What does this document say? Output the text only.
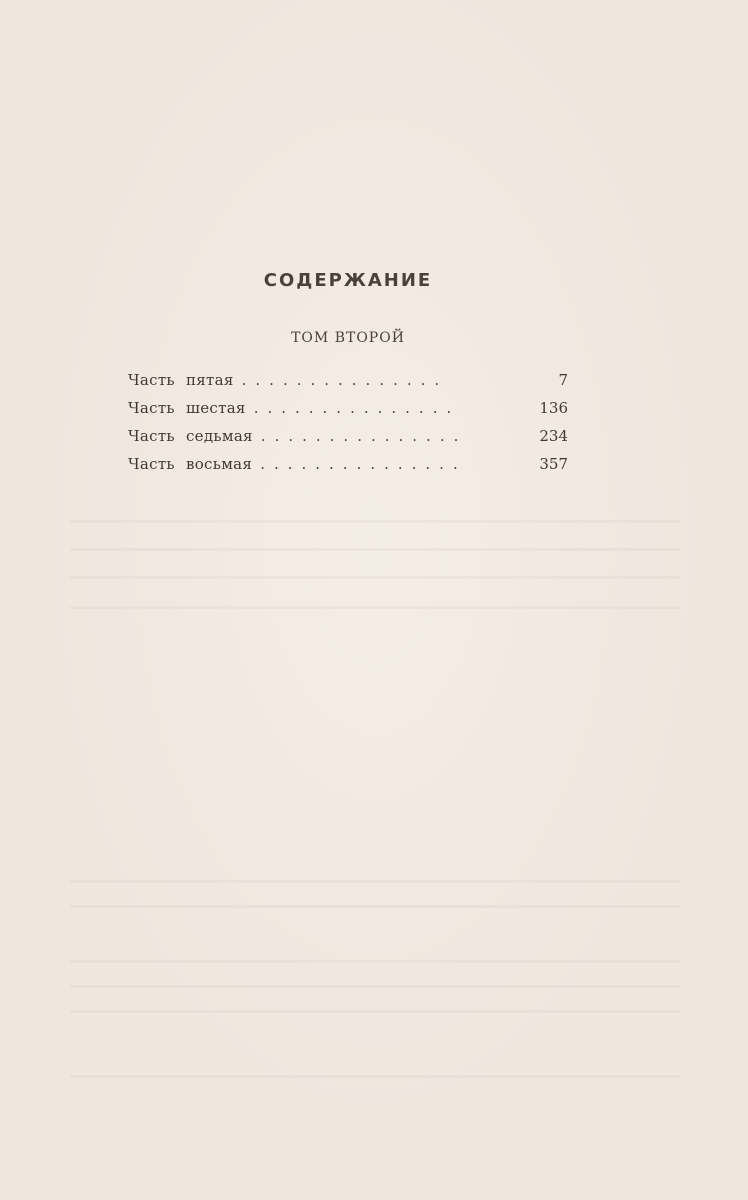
СОДЕРЖАНИЕ
ТОМ ВТОРОЙ
Часть пятая ...............	7
Часть шестая ...............	136
Часть седьмая ...............	234
Часть восьмая ...............	357
